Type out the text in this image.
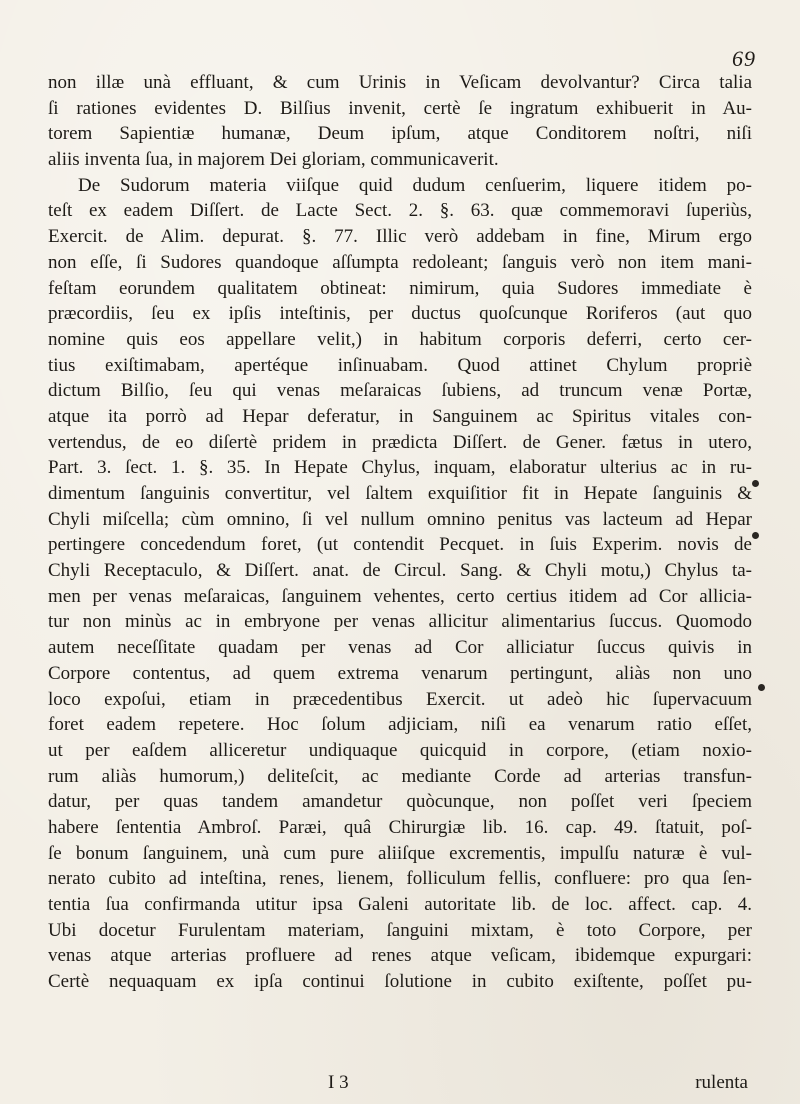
69
non illæ unà effluant, & cum Urinis in Veſicam devolvantur? Circa talia
ſi rationes evidentes D. Bilſius invenit, certè ſe ingratum exhibuerit in Au-
torem Sapientiæ humanæ, Deum ipſum, atque Conditorem noſtri, niſi
aliis inventa ſua, in majorem Dei gloriam, communicaverit.
De Sudorum materia viiſque quid dudum cenſuerim, liquere itidem po-
teſt ex eadem Diſſert. de Lacte Sect. 2. §. 63. quæ commemoravi ſuperiùs,
Exercit. de Alim. depurat. §. 77. Illic verò addebam in fine, Mirum ergo
non eſſe, ſi Sudores quandoque aſſumpta redoleant; ſanguis verò non item mani-
feſtam eorundem qualitatem obtineat: nimirum, quia Sudores immediate è
præcordiis, ſeu ex ipſis inteſtinis, per ductus quoſcunque Roriferos (aut quo
nomine quis eos appellare velit,) in habitum corporis deferri, certo cer-
tius exiſtimabam, apertéque inſinuabam. Quod attinet Chylum propriè
dictum Bilſio, ſeu qui venas meſaraicas ſubiens, ad truncum venæ Portæ,
atque ita porrò ad Hepar deferatur, in Sanguinem ac Spiritus vitales con-
vertendus, de eo diſertè pridem in prædicta Diſſert. de Gener. fætus in utero,
Part. 3. ſect. 1. §. 35. In Hepate Chylus, inquam, elaboratur ulterius ac in ru-
dimentum ſanguinis convertitur, vel ſaltem exquiſitior fit in Hepate ſanguinis &
Chyli miſcella; cùm omnino, ſi vel nullum omnino penitus vas lacteum ad Hepar
pertingere concedendum foret, (ut contendit Pecquet. in ſuis Experim. novis de
Chyli Receptaculo, & Diſſert. anat. de Circul. Sang. & Chyli motu,) Chylus ta-
men per venas meſaraicas, ſanguinem vehentes, certo certius itidem ad Cor allicia-
tur non minùs ac in embryone per venas allicitur alimentarius ſuccus. Quomodo
autem neceſſitate quadam per venas ad Cor alliciatur ſuccus quivis in
Corpore contentus, ad quem extrema venarum pertingunt, aliàs non uno
loco expoſui, etiam in præcedentibus Exercit. ut adeò hic ſupervacuum
foret eadem repetere. Hoc ſolum adjiciam, niſi ea venarum ratio eſſet,
ut per eaſdem alliceretur undiquaque quicquid in corpore, (etiam noxio-
rum aliàs humorum,) deliteſcit, ac mediante Corde ad arterias transfun-
datur, per quas tandem amandetur quòcunque, non poſſet veri ſpeciem
habere ſententia Ambroſ. Paræi, quâ Chirurgiæ lib. 16. cap. 49. ſtatuit, poſ-
ſe bonum ſanguinem, unà cum pure aliiſque excrementis, impulſu naturæ è vul-
nerato cubito ad inteſtina, renes, lienem, folliculum fellis, confluere: pro qua ſen-
tentia ſua confirmanda utitur ipsa Galeni autoritate lib. de loc. affect. cap. 4.
Ubi docetur Furulentam materiam, ſanguini mixtam, è toto Corpore, per
venas atque arterias profluere ad renes atque veſicam, ibidemque expurgari:
Certè nequaquam ex ipſa continui ſolutione in cubito exiſtente, poſſet pu-
I 3	rulenta
